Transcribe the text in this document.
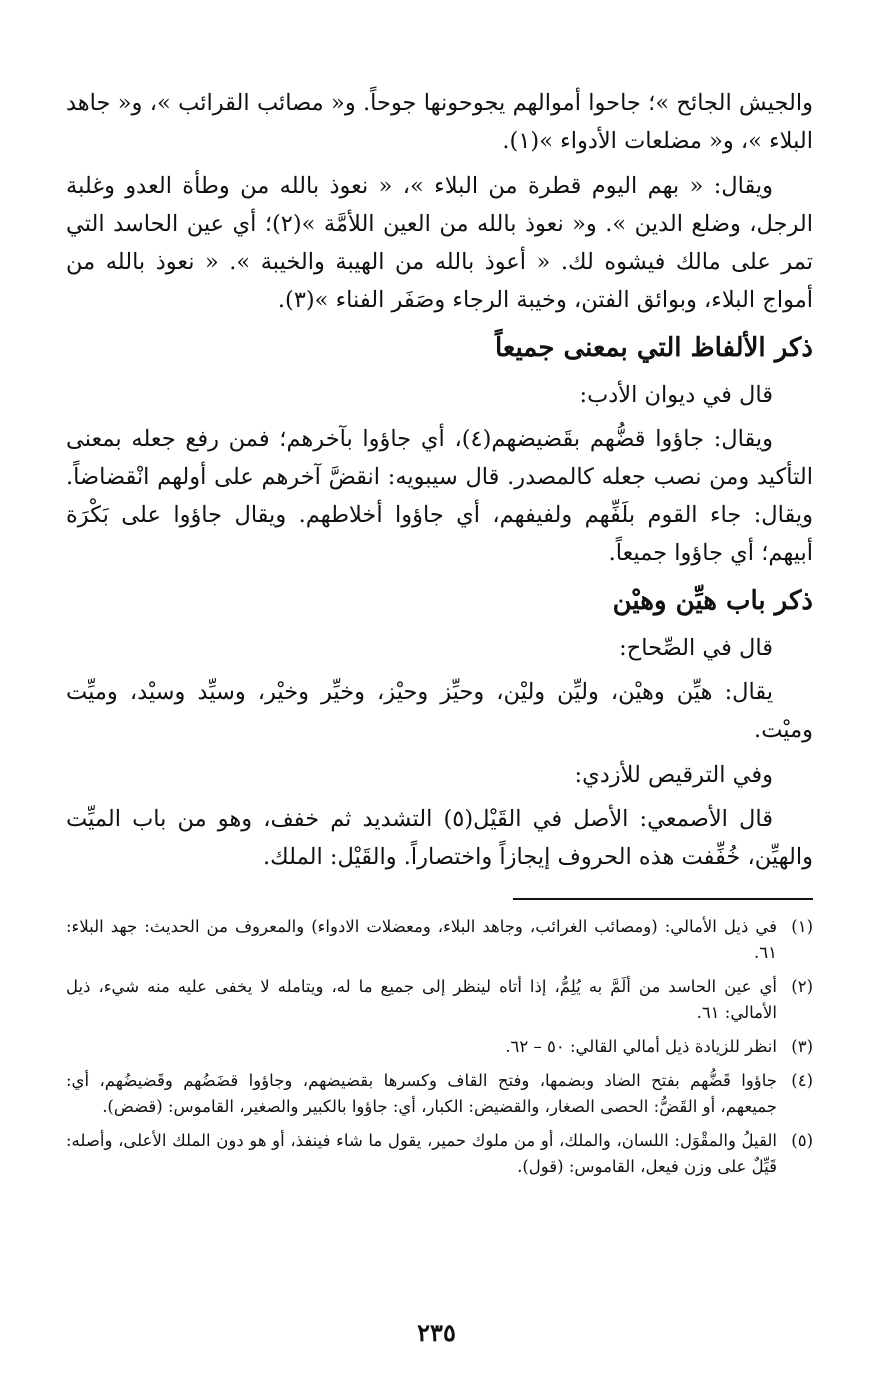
والجيش الجائح »؛ جاحوا أموالهم يجوحونها جوحاً. و« مصائب القرائب »، و« جاهد البلاء »، و« مضلعات الأدواء »(١).

ويقال: « بهم اليوم قطرة من البلاء »، « نعوذ بالله من وطأة العدو وغلبة الرجل، وضلع الدين ». و« نعوذ بالله من العين اللأمَّة »(٢)؛ أي عين الحاسد التي تمر على مالك فيشوه لك. « أعوذ بالله من الهيبة والخيبة ». « نعوذ بالله من أمواج البلاء، وبوائق الفتن، وخيبة الرجاء وصَفَر الفناء »(٣).

ذكر الألفاظ التي بمعنى جميعاً

قال في ديوان الأدب:

ويقال: جاؤوا قضُّهم بقَضيضهم(٤)، أي جاؤوا بآخرهم؛ فمن رفع جعله بمعنى التأكيد ومن نصب جعله كالمصدر. قال سيبويه: انقضَّ آخرهم على أولهم انْقضاضاً. ويقال: جاء القوم بلَفِّهم ولفيفهم، أي جاؤوا أخلاطهم. ويقال جاؤوا على بَكْرَة أبيهم؛ أي جاؤوا جميعاً.

ذكر باب هيِّن وهيْن

قال في الصِّحاح:

يقال: هيِّن وهيْن، وليِّن وليْن، وحيِّز وحيْز، وخيِّر وخيْر، وسيِّد وسيْد، وميِّت وميْت.

وفي الترقيص للأزدي:

قال الأصمعي: الأصل في القَيْل(٥) التشديد ثم خفف، وهو من باب الميِّت والهيِّن، خُفِّفت هذه الحروف إيجازاً واختصاراً. والقَيْل: الملك.

(١)
في ذيل الأمالي: (ومصائب الغرائب، وجاهد البلاء، ومعضلات الادواء) والمعروف من الحديث: جهد البلاء: ٦١.
(٢)
أي عين الحاسد من ألَمَّ به يُلِمُّ، إذا أتاه لينظر إلى جميع ما له، ويتامله لا يخفى عليه منه شيء، ذيل الأمالي: ٦١.
(٣)
انظر للزيادة ذيل أمالي القالي: ٥٠ – ٦٢.
(٤)
جاؤوا قَضُّهم بفتح الضاد وبضمها، وفتح القاف وكسرها بقضيضهم، وجاؤوا قضَضُهم وقَضيضُهم، أي: جميعهم، أو القَضُّ: الحصى الصغار، والقضيض: الكبار، أي: جاؤوا بالكبير والصغير، القاموس: (قضض).
(٥)
القيلُ والمقْوَل: اللسان، والملك، أو من ملوك حمير، يقول ما شاء فينفذ، أو هو دون الملك الأعلى، وأصله: قَيِّلٌ على وزن فيعل، القاموس: (قول).
٢٣٥
